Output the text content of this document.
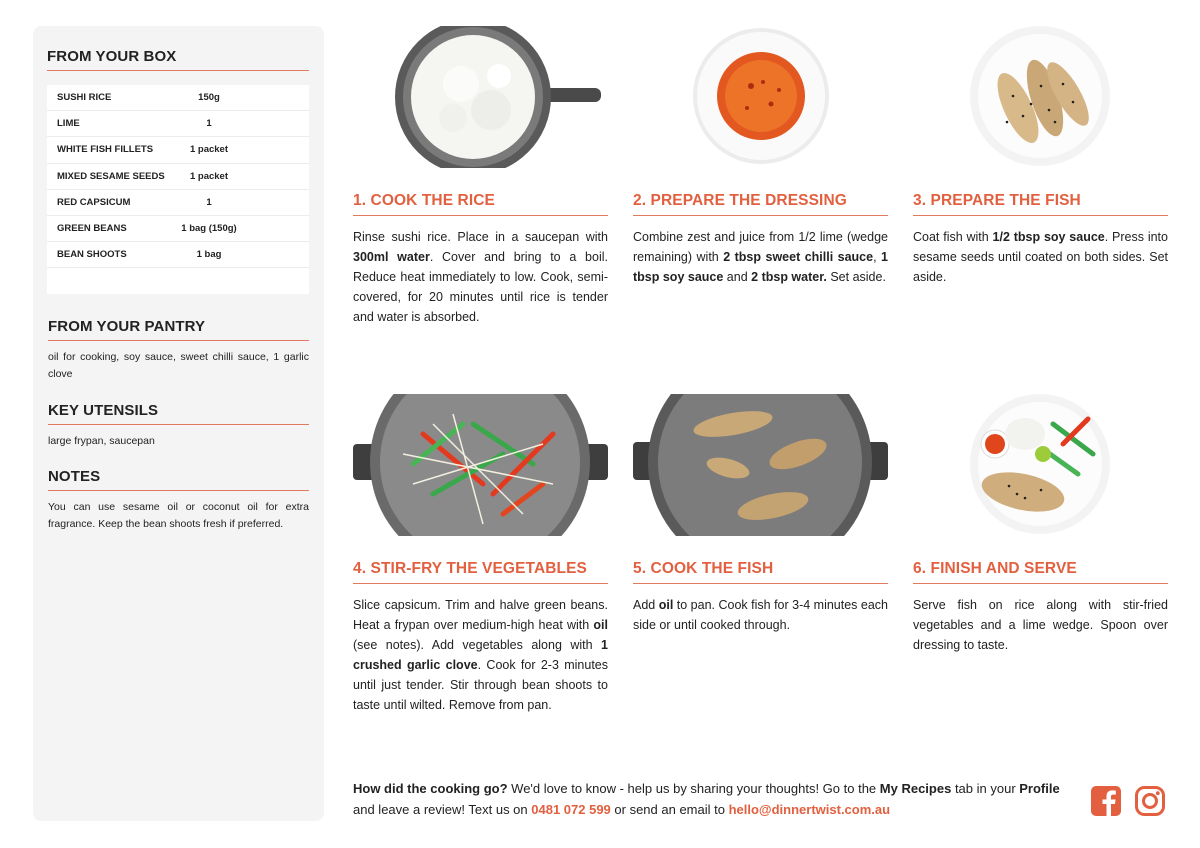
FROM YOUR BOX
SUSHI RICE	150g
LIME	1
WHITE FISH FILLETS	1 packet
MIXED SESAME SEEDS	1 packet
RED CAPSICUM	1
GREEN BEANS	1 bag (150g)
BEAN SHOOTS	1 bag
FROM YOUR PANTRY
oil for cooking, soy sauce, sweet chilli sauce, 1 garlic clove
KEY UTENSILS
large frypan, saucepan
NOTES
You can use sesame oil or coconut oil for extra fragrance. Keep the bean shoots fresh if preferred.
1. COOK THE RICE
Rinse sushi rice. Place in a saucepan with 300ml water. Cover and bring to a boil. Reduce heat immediately to low. Cook, semi-covered, for 20 minutes until rice is tender and water is absorbed.
2. PREPARE THE DRESSING
Combine zest and juice from 1/2 lime (wedge remaining) with 2 tbsp sweet chilli sauce, 1 tbsp soy sauce and 2 tbsp water. Set aside.
3. PREPARE THE FISH
Coat fish with 1/2 tbsp soy sauce. Press into sesame seeds until coated on both sides. Set aside.
4. STIR-FRY THE VEGETABLES
Slice capsicum. Trim and halve green beans. Heat a frypan over medium-high heat with oil (see notes). Add vegetables along with 1 crushed garlic clove. Cook for 2-3 minutes until just tender. Stir through bean shoots to taste until wilted. Remove from pan.
5. COOK THE FISH
Add oil to pan. Cook fish for 3-4 minutes each side or until cooked through.
6. FINISH AND SERVE
Serve fish on rice along with stir-fried vegetables and a lime wedge. Spoon over dressing to taste.
How did the cooking go? We'd love to know - help us by sharing your thoughts! Go to the My Recipes tab in your Profile and leave a review! Text us on 0481 072 599 or send an email to hello@dinnertwist.com.au
